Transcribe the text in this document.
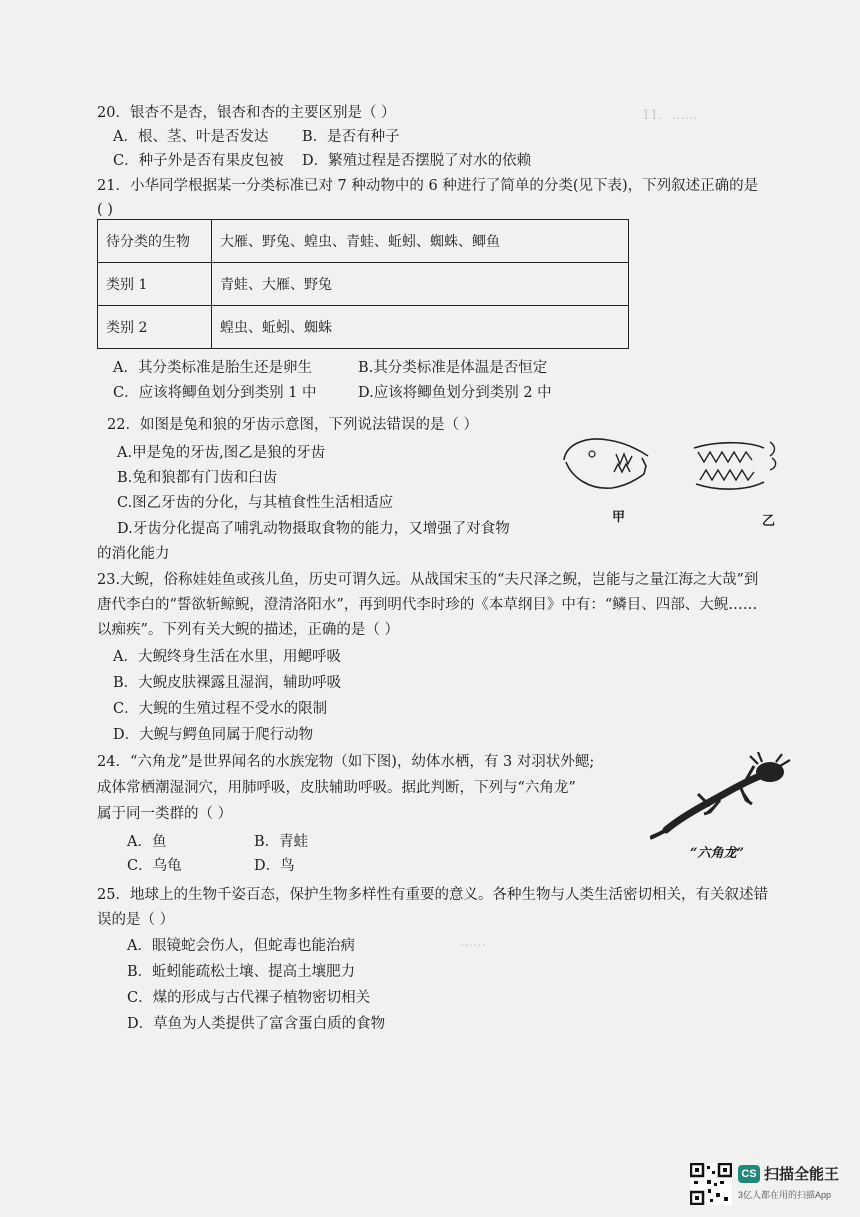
11．……
……
20．银杏不是杏，银杏和杏的主要区别是（ ）
A．根、茎、叶是否发达 B．是否有种子
C．种子外是否有果皮包被 D．繁殖过程是否摆脱了对水的依赖
21．小华同学根据某一分类标准已对 7 种动物中的 6 种进行了简单的分类(见下表)，下列叙述正确的是
( )
待分类的生物	大雁、野兔、蝗虫、青蛙、蚯蚓、蜘蛛、鲫鱼
类别 1	青蛙、大雁、野兔
类别 2	蝗虫、蚯蚓、蜘蛛
A．其分类标准是胎生还是卵生	B.其分类标准是体温是否恒定
C．应该将鲫鱼划分到类别 1 中	D.应该将鲫鱼划分到类别 2 中
22．如图是兔和狼的牙齿示意图，下列说法错误的是（ ）
A.甲是兔的牙齿,图乙是狼的牙齿
B.兔和狼都有门齿和臼齿
C.图乙牙齿的分化，与其植食性生活相适应
D.牙齿分化提高了哺乳动物摄取食物的能力，又增强了对食物
的消化能力
甲	乙
23.大鲵，俗称娃娃鱼或孩儿鱼，历史可谓久远。从战国宋玉的“夫尺泽之鲵，岂能与之量江海之大哉”到
唐代李白的“誓欲斩鲸鲵，澄清洛阳水”，再到明代李时珍的《本草纲目》中有：“鳞目、四部、大鲵……
以痴疾”。下列有关大鲵的描述，正确的是（ ）
A．大鲵终身生活在水里，用鳃呼吸
B．大鲵皮肤裸露且湿润，辅助呼吸
C．大鲵的生殖过程不受水的限制
D．大鲵与鳄鱼同属于爬行动物
24．“六角龙”是世界闻名的水族宠物（如下图)，幼体水栖，有 3 对羽状外鳃;
成体常栖潮湿洞穴，用肺呼吸，皮肤辅助呼吸。据此判断，下列与“六角龙”
属于同一类群的（ ）
A．鱼	B．青蛙
C．乌龟	D．鸟
“六角龙”
25．地球上的生物千姿百态，保护生物多样性有重要的意义。各种生物与人类生活密切相关，有关叙述错
误的是（ ）
A．眼镜蛇会伤人，但蛇毒也能治病
B．蚯蚓能疏松土壤、提高土壤肥力
C．煤的形成与古代裸子植物密切相关
D．草鱼为人类提供了富含蛋白质的食物
CS 扫描全能王
3亿人都在用的扫描App
